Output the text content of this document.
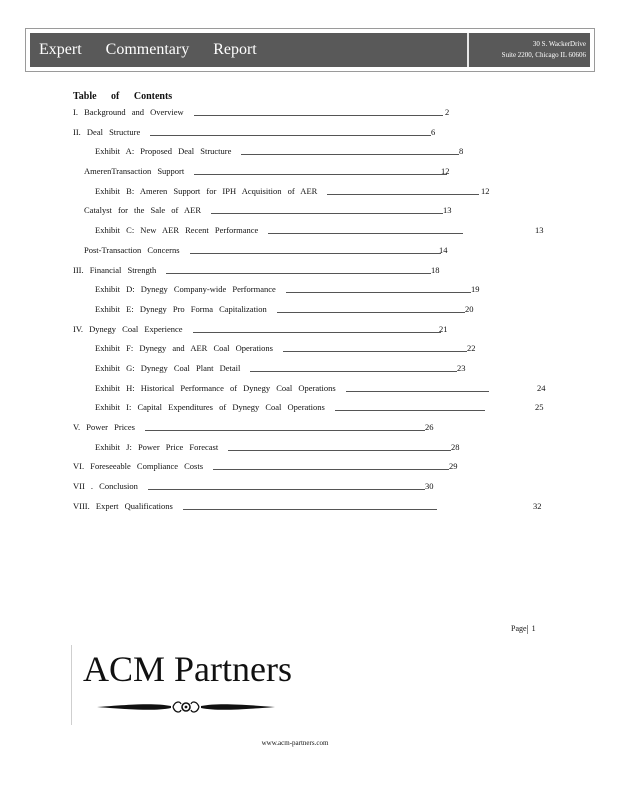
Expert Commentary Report	30 S. WackerDrive
Suite 2200, Chicago IL 60606
Table of Contents
I. Background and Overview	2
II. Deal Structure	6
Exhibit A: Proposed Deal Structure	8
AmerenTransaction Support	12
Exhibit B: Ameren Support for IPH Acquisition of AER	12
Catalyst for the Sale of AER	13
Exhibit C: New AER Recent Performance	13
Post-Transaction Concerns	14
III. Financial Strength	18
Exhibit D: Dynegy Company-wide Performance	19
Exhibit E: Dynegy Pro Forma Capitalization	20
IV. Dynegy Coal Experience	21
Exhibit F: Dynegy and AER Coal Operations	22
Exhibit G: Dynegy Coal Plant Detail	23
Exhibit H: Historical Performance of Dynegy Coal Operations	24
Exhibit I: Capital Expenditures of Dynegy Coal Operations	25
V. Power Prices	26
Exhibit J: Power Price Forecast	28
VI. Foreseeable Compliance Costs	29
VII . Conclusion	30
VIII. Expert Qualifications	32
Page 1
ACM Partners
www.acm-partners.com
